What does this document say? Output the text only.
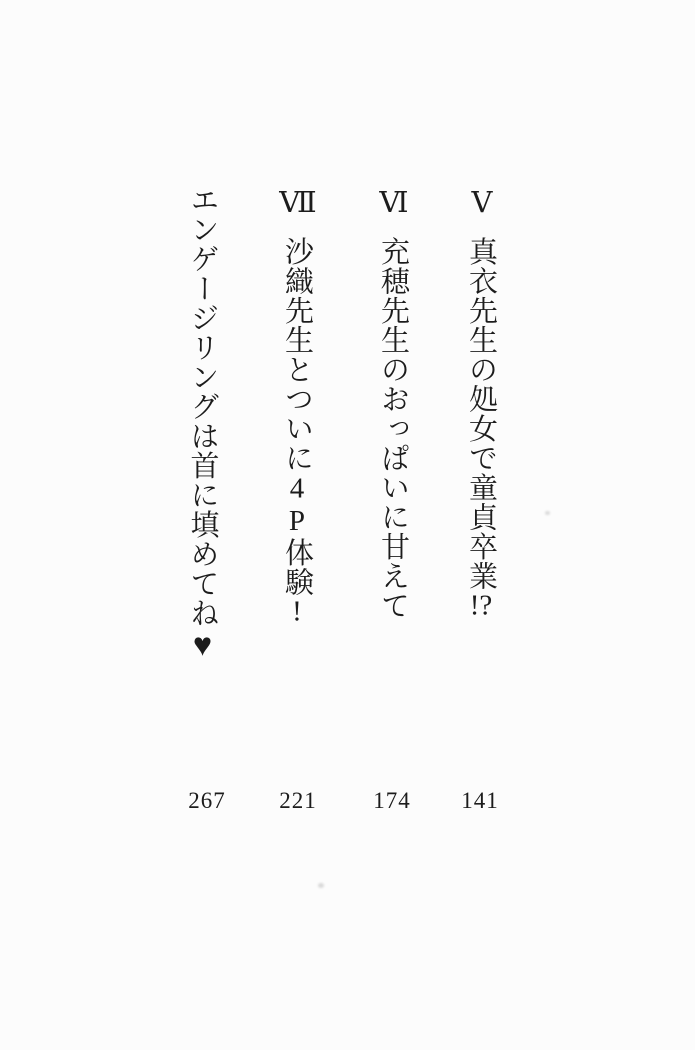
Ⅴ真衣先生の処女で童貞卒業!?
Ⅵ充穂先生のおっぱいに甘えて
Ⅶ沙織先生とついに4P体験!
エンゲージリングは首に填めてね♥
141
174
221
267
